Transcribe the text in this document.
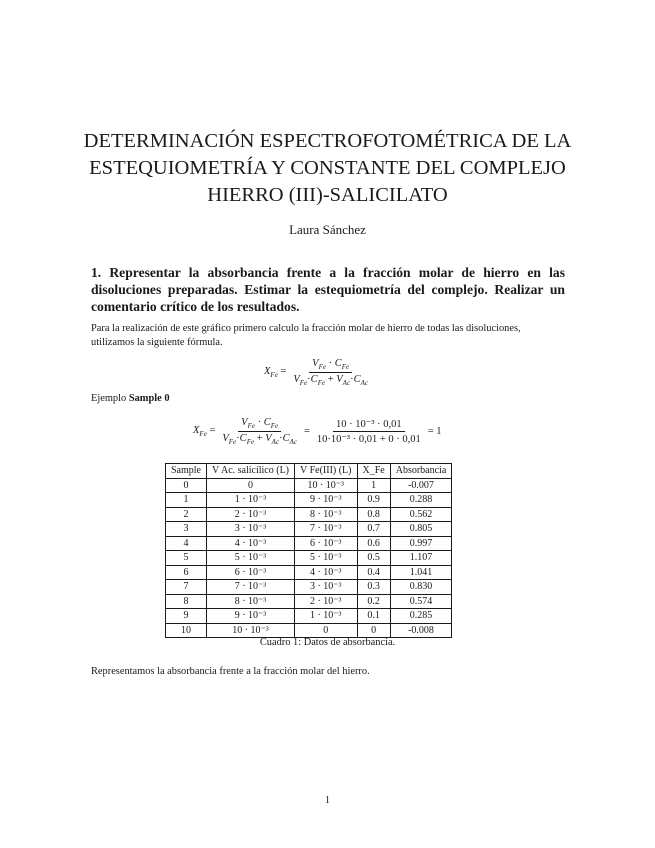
DETERMINACIÓN ESPECTROFOTOMÉTRICA DE LA ESTEQUIOMETRÍA Y CONSTANTE DEL COMPLEJO HIERRO (III)-SALICILATO
Laura Sánchez
1. Representar la absorbancia frente a la fracción molar de hierro en las disoluciones preparadas. Estimar la estequiometría del complejo. Realizar un comentario crítico de los resultados.
Para la realización de este gráfico primero calculo la fracción molar de hierro de todas las disoluciones, utilizamos la siguiente fórmula.
$X_{Fe} = \frac{V_{Fe} \cdot C_{Fe}}{V_{Fe}\cdot C_{Fe} + V_{Ac}\cdot C_{Ac}}$
Ejemplo Sample 0
$X_{Fe} = \frac{V_{Fe} \cdot C_{Fe}}{V_{Fe}\cdot C_{Fe} + V_{Ac}\cdot C_{Ac}} = \frac{\text{10 · 10⁻³ · 0,01}}{\text{10·10⁻³ · 0,01 + 0 · 0,01}} = 1$
Sample	V Ac. salicílico (L)	V Fe(III) (L)	X_Fe	Absorbancia
0	0	10 · 10⁻³	1	-0.007
1	1 · 10⁻³	9 · 10⁻³	0.9	0.288
2	2 · 10⁻³	8 · 10⁻³	0.8	0.562
3	3 · 10⁻³	7 · 10⁻³	0.7	0.805
4	4 · 10⁻³	6 · 10⁻³	0.6	0.997
5	5 · 10⁻³	5 · 10⁻³	0.5	1.107
6	6 · 10⁻³	4 · 10⁻³	0.4	1.041
7	7 · 10⁻³	3 · 10⁻³	0.3	0.830
8	8 · 10⁻³	2 · 10⁻³	0.2	0.574
9	9 · 10⁻³	1 · 10⁻³	0.1	0.285
10	10 · 10⁻³	0	0	-0.008
Cuadro 1: Datos de absorbancia.
Representamos la absorbancia frente a la fracción molar del hierro.
1
